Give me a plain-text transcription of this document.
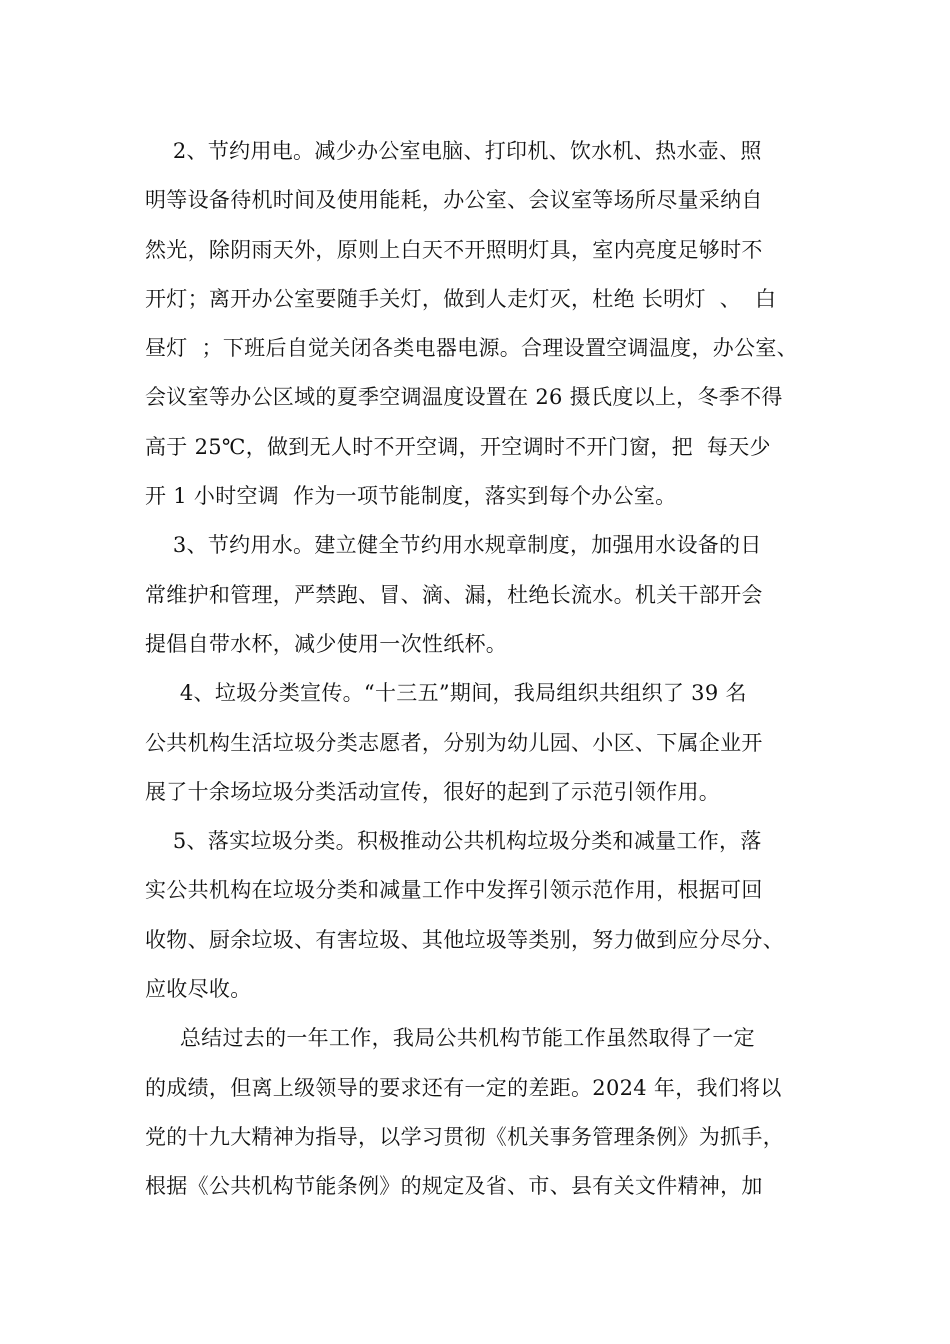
2、节约用电。减少办公室电脑、打印机、饮水机、热水壶、照
明等设备待机时间及使用能耗，办公室、会议室等场所尽量采纳自
然光，除阴雨天外，原则上白天不开照明灯具，室内亮度足够时不
开灯；离开办公室要随手关灯，做到人走灯灭，杜绝 长明灯  、  白
昼灯  ；下班后自觉关闭各类电器电源。合理设置空调温度，办公室、
会议室等办公区域的夏季空调温度设置在 26 摄氏度以上，冬季不得
高于 25℃，做到无人时不开空调，开空调时不开门窗，把  每天少
开 1 小时空调  作为一项节能制度，落实到每个办公室。
3、节约用水。建立健全节约用水规章制度，加强用水设备的日
常维护和管理，严禁跑、冒、滴、漏，杜绝长流水。机关干部开会
提倡自带水杯，减少使用一次性纸杯。
4、垃圾分类宣传。“十三五”期间，我局组织共组织了 39 名
公共机构生活垃圾分类志愿者，分别为幼儿园、小区、下属企业开
展了十余场垃圾分类活动宣传，很好的起到了示范引领作用。
5、落实垃圾分类。积极推动公共机构垃圾分类和减量工作，落
实公共机构在垃圾分类和减量工作中发挥引领示范作用，根据可回
收物、厨余垃圾、有害垃圾、其他垃圾等类别，努力做到应分尽分、
应收尽收。
总结过去的一年工作，我局公共机构节能工作虽然取得了一定
的成绩，但离上级领导的要求还有一定的差距。2024 年，我们将以
党的十九大精神为指导，以学习贯彻《机关事务管理条例》为抓手，
根据《公共机构节能条例》的规定及省、市、县有关文件精神，加
